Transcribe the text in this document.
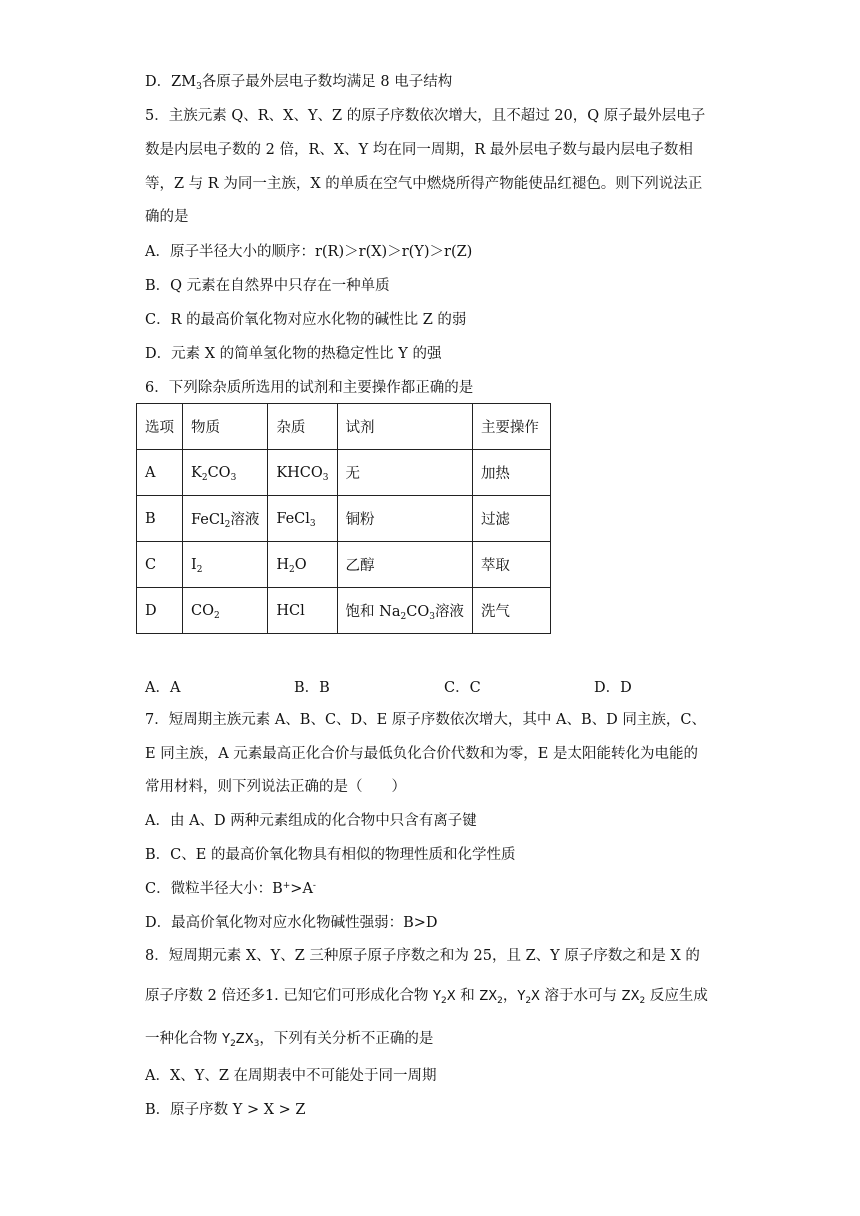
D．$ZM_3$各原子最外层电子数均满足 8 电子结构
5．主族元素 Q、R、X、Y、Z 的原子序数依次增大，且不超过 20，Q 原子最外层电子
数是内层电子数的 2 倍，R、X、Y 均在同一周期，R 最外层电子数与最内层电子数相
等，Z 与 R 为同一主族，X 的单质在空气中燃烧所得产物能使品红褪色。则下列说法正
确的是
A．原子半径大小的顺序：r(R)＞r(X)＞r(Y)＞r(Z)
B．Q 元素在自然界中只存在一种单质
C．R 的最高价氧化物对应水化物的碱性比 Z 的弱
D．元素 X 的简单氢化物的热稳定性比 Y 的强
6．下列除杂质所选用的试剂和主要操作都正确的是
选项	物质	杂质	试剂	主要操作
A	$K_2CO_3$	$KHCO_3$	无	加热
B	FeCl$_2$溶液	FeCl$_3$	铜粉	过滤
C	$I_2$	$H_2O$	乙醇	萃取
D	$CO_2$	HCl	饱和 $Na_2CO_3$溶液	洗气
A．A	B．B	C．C	D．D
7．短周期主族元素 A、B、C、D、E 原子序数依次增大，其中 A、B、D 同主族，C、
E 同主族，A 元素最高正化合价与最低负化合价代数和为零，E 是太阳能转化为电能的
常用材料，则下列说法正确的是（　　）
A．由 A、D 两种元素组成的化合物中只含有离子键
B．C、E 的最高价氧化物具有相似的物理性质和化学性质
C．微粒半径大小：B+>A-
D．最高价氧化物对应水化物碱性强弱：B>D
8．短周期元素 X、Y、Z 三种原子原子序数之和为 25，且 Z、Y 原子序数之和是 X 的
原子序数 2 倍还多1. 已知它们可形成化合物 $Y_2X$ 和 $ZX_2$，$Y_2X$ 溶于水可与 $ZX_2$ 反应生成
一种化合物 $Y_2ZX_3$，下列有关分析不正确的是
A．X、Y、Z 在周期表中不可能处于同一周期
B．原子序数 Y > X > Z
